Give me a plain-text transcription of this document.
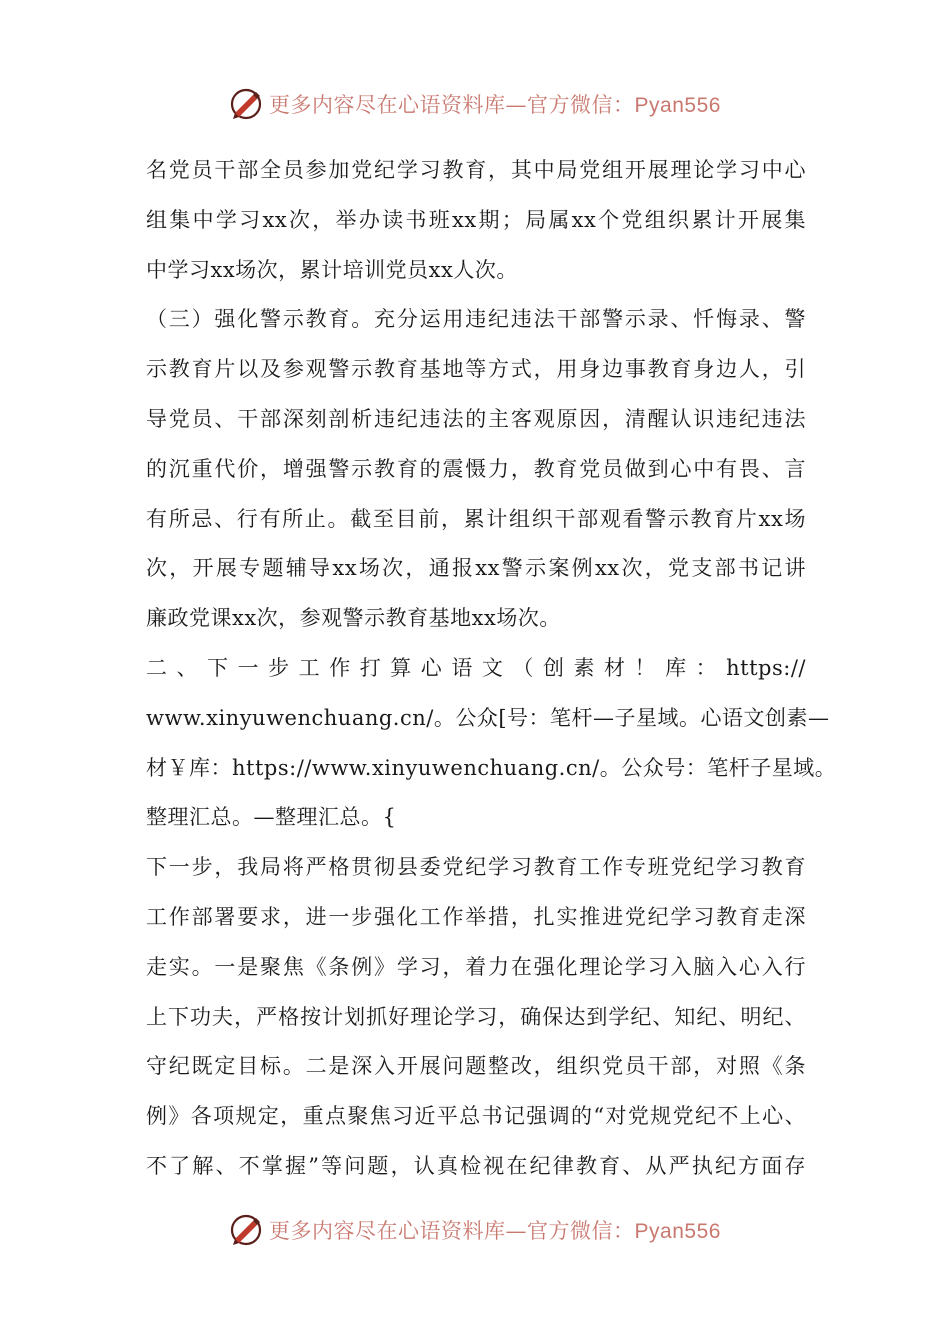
更多内容尽在心语资料库—官方微信：Pyan556
名党员干部全员参加党纪学习教育，其中局党组开展理论学习中心
组集中学习xx次，举办读书班xx期；局属xx个党组织累计开展集
中学习xx场次，累计培训党员xx人次。
（三）强化警示教育。充分运用违纪违法干部警示录、忏悔录、警
示教育片以及参观警示教育基地等方式，用身边事教育身边人，引
导党员、干部深刻剖析违纪违法的主客观原因，清醒认识违纪违法
的沉重代价，增强警示教育的震慑力，教育党员做到心中有畏、言
有所忌、行有所止。截至目前，累计组织干部观看警示教育片xx场
次，开展专题辅导xx场次，通报xx警示案例xx次，党支部书记讲
廉政党课xx次，参观警示教育基地xx场次。
二 、 下 一 步 工 作 打 算 心 语 文 （ 创 素 材 ！ 库 ： https://
www.xinyuwenchuang.cn/。公众[号：笔杆—子星域。心语文创素—
材￥库：https://www.xinyuwenchuang.cn/。公众号：笔杆子星域。
整理汇总。—整理汇总。{
下一步，我局将严格贯彻县委党纪学习教育工作专班党纪学习教育
工作部署要求，进一步强化工作举措，扎实推进党纪学习教育走深
走实。一是聚焦《条例》学习，着力在强化理论学习入脑入心入行
上下功夫，严格按计划抓好理论学习，确保达到学纪、知纪、明纪、
守纪既定目标。二是深入开展问题整改，组织党员干部，对照《条
例》各项规定，重点聚焦习近平总书记强调的“对党规党纪不上心、
不了解、不掌握”等问题，认真检视在纪律教育、从严执纪方面存
更多内容尽在心语资料库—官方微信：Pyan556
